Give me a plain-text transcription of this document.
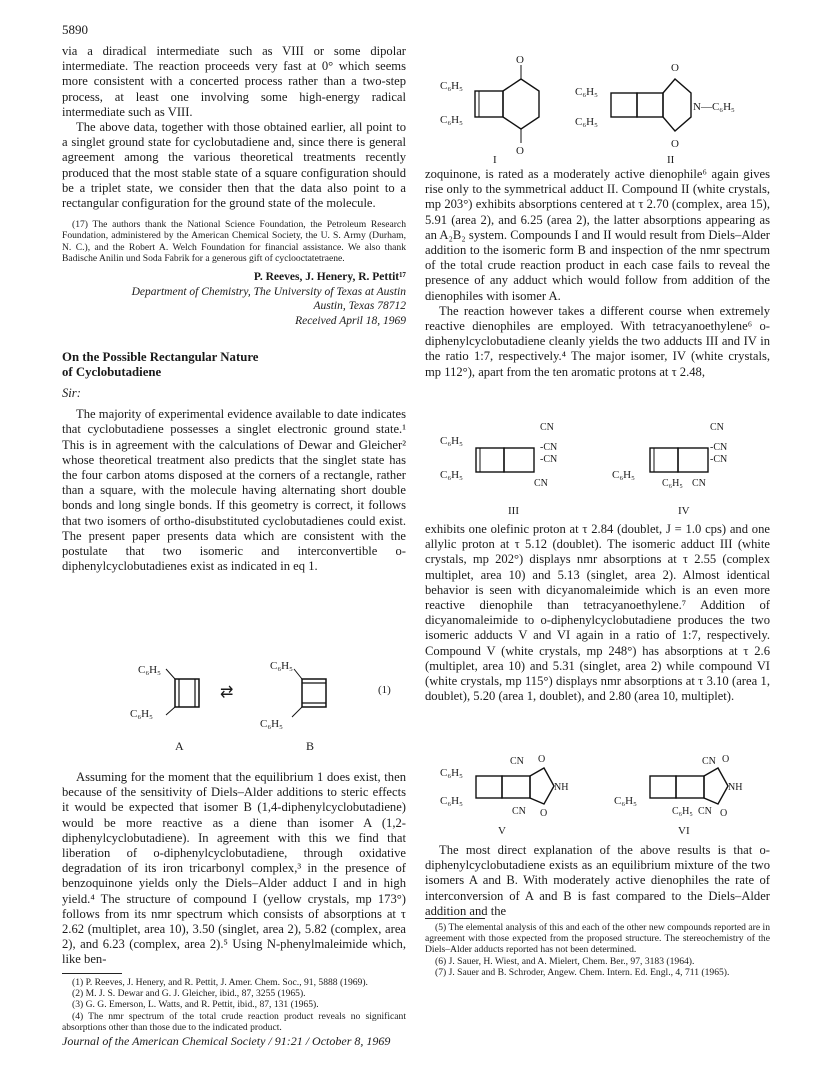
5890

via a diradical intermediate such as VIII or some dipolar intermediate. The reaction proceeds very fast at 0° which seems more consistent with a concerted process rather than a two-step process, at least one involving some high-energy radical intermediate such as VIII.

The above data, together with those obtained earlier, all point to a singlet ground state for cyclobutadiene and, since there is general agreement among the various theoretical treatments recently produced that the most stable state of a square configuration should be a triplet state, we consider then that the data also point to a rectangular configuration for the ground state of the molecule.

(17) The authors thank the National Science Foundation, the Petroleum Research Foundation, administered by the American Chemical Society, the U. S. Army (Durham, N. C.), and the Robert A. Welch Foundation for financial assistance. We also thank Badische Anilin und Soda Fabrik for a generous gift of cyclooctatetraene.

P. Reeves, J. Henery, R. Pettit¹⁷
Department of Chemistry, The University of Texas at Austin
Austin, Texas 78712
Received April 18, 1969
On the Possible Rectangular Nature
of Cyclobutadiene
Sir:

The majority of experimental evidence available to date indicates that cyclobutadiene possesses a singlet electronic ground state.¹ This is in agreement with the calculations of Dewar and Gleicher² whose theoretical treatment also predicts that the singlet state has the four carbon atoms disposed at the corners of a rectangle, rather than a square, with the molecule having alternating short double bonds and long single bonds. If this geometry is correct, it follows that two isomers of ortho-disubstituted cyclobutadienes could exist. The present paper presents data which are consistent with the postulate that two isomeric and interconvertible o-diphenylcyclobutadienes exist as indicated in eq 1.

C₆H₅
C₆H₅
A
⇄
C₆H₅
C₆H₅
B
(1)

Assuming for the moment that the equilibrium 1 does exist, then because of the sensitivity of Diels–Alder additions to steric effects it would be expected that isomer B (1,4-diphenylcyclobutadiene) would be more reactive as a diene than isomer A (1,2-diphenylcyclobutadiene). In agreement with this we find that liberation of o-diphenylcyclobutadiene, through oxidative degradation of its iron tricarbonyl complex,³ in the presence of benzoquinone yields only the Diels–Alder adduct I and in high yield.⁴ The structure of compound I (yellow crystals, mp 173°) follows from its nmr spectrum which consists of absorptions at τ 2.62 (multiplet, area 10), 3.50 (singlet, area 2), 5.82 (complex, area 2), and 6.23 (complex, area 2).⁵ Using N-phenylmaleimide which, like ben-

(1) P. Reeves, J. Henery, and R. Pettit, J. Amer. Chem. Soc., 91, 5888 (1969).

(2) M. J. S. Dewar and G. J. Gleicher, ibid., 87, 3255 (1965).

(3) G. G. Emerson, L. Watts, and R. Pettit, ibid., 87, 131 (1965).

(4) The nmr spectrum of the total crude reaction product reveals no significant absorptions other than those due to the indicated product.

C₆H₅
C₆H₅
O
O
I
C₆H₅
C₆H₅
N—C₆H₅
O
O
II

zoquinone, is rated as a moderately active dienophile⁶ again gives rise only to the symmetrical adduct II. Compound II (white crystals, mp 203°) exhibits absorptions centered at τ 2.70 (complex, area 15), 5.91 (area 2), and 6.25 (area 2), the latter absorptions appearing as an A₂B₂ system. Compounds I and II would result from Diels–Alder addition to the isomeric form B and inspection of the nmr spectrum of the total crude reaction product in each case fails to reveal the presence of any adduct which would follow from addition of the dienophiles with isomer A.

The reaction however takes a different course when extremely reactive dienophiles are employed. With tetracyanoethylene⁶ o-diphenylcyclobutadiene cleanly yields the two adducts III and IV in the ratio 1:7, respectively.⁴ The major isomer, IV (white crystals, mp 112°), apart from the ten aromatic protons at τ 2.48,

C₆H₅
C₆H₅
CN
-CN
-CN
CN
III
C₆H₅
CN
-CN
-CN
C₆H₅ CN
IV

exhibits one olefinic proton at τ 2.84 (doublet, J = 1.0 cps) and one allylic proton at τ 5.12 (doublet). The isomeric adduct III (white crystals, mp 202°) displays nmr absorptions at τ 2.55 (complex multiplet, area 10) and 5.13 (singlet, area 2). Almost identical behavior is seen with dicyanomaleimide which is an even more reactive dienophile than tetracyanoethylene.⁷ Addition of dicyanomaleimide to o-diphenylcyclobutadiene produces the two isomeric adducts V and VI again in a ratio of 1:7, respectively. Compound V (white crystals, mp 248°) has absorptions at τ 2.6 (multiplet, area 10) and 5.31 (singlet, area 2) while compound VI (white crystals, mp 115°) displays nmr absorptions at τ 3.10 (area 1, doublet), 5.20 (area 1, doublet), and 2.80 (area 10, multiplet).

C₆H₅
C₆H₅
CN O
NH
CN O
V
C₆H₅
CN O
NH
C₆H₅ CN O
VI

The most direct explanation of the above results is that o-diphenylcyclobutadiene exists as an equilibrium mixture of the two isomers A and B. With moderately active dienophiles the rate of interconversion of A and B is fast compared to the Diels–Alder addition and the

(5) The elemental analysis of this and each of the other new compounds reported are in agreement with those expected from the proposed structure. The stereochemistry of the Diels–Alder adducts reported has not been determined.

(6) J. Sauer, H. Wiest, and A. Mielert, Chem. Ber., 97, 3183 (1964).

(7) J. Sauer and B. Schroder, Angew. Chem. Intern. Ed. Engl., 4, 711 (1965).

Journal of the American Chemical Society / 91:21 / October 8, 1969
